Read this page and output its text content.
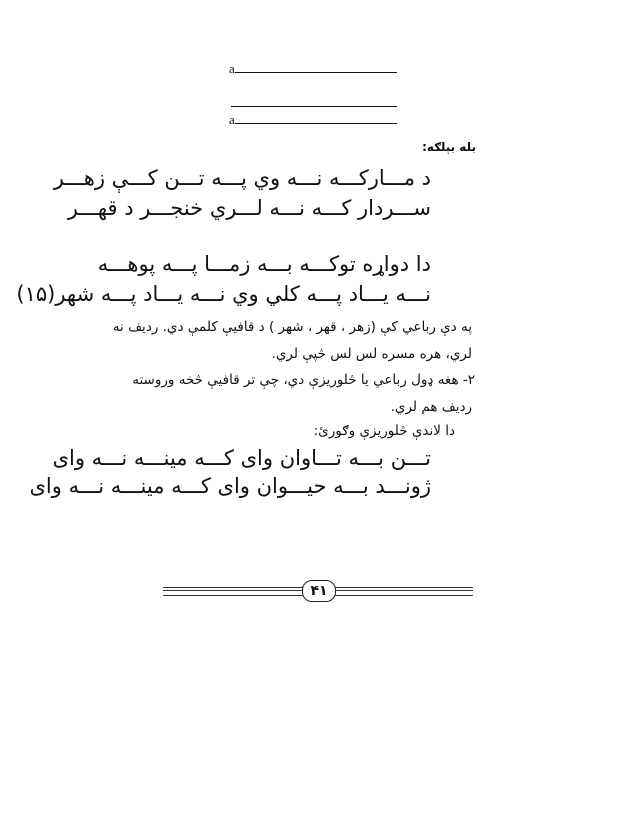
a
a
بله بېلګه:
د مـــارکـــه نـــه وي پـــه تـــن کـــې زهـــر
ســـردار کـــه نـــه لـــري خنجـــر د قهـــر
دا دواړه توکـــه بـــه زمـــا پـــه پوهـــه
نـــه يـــاد پـــه کلي وي نـــه يـــاد پـــه شهر(۱۵)
په دې رباعي کې (زهر ، قهر ، شهر ) د قافيې کلمې دي. رديف نه
لري، هره مسره لس لس څپې لري.
۲- هغه ډول رباعي يا څلوريزې دي، چې تر قافيې څخه وروسته
رديف هم لري.
دا لاندې څلوريزې وګورئ:
تـــن بـــه تـــاوان وای کـــه مينـــه نـــه وای
ژونـــد بـــه حيـــوان وای کـــه مينـــه نـــه وای
۴۱
